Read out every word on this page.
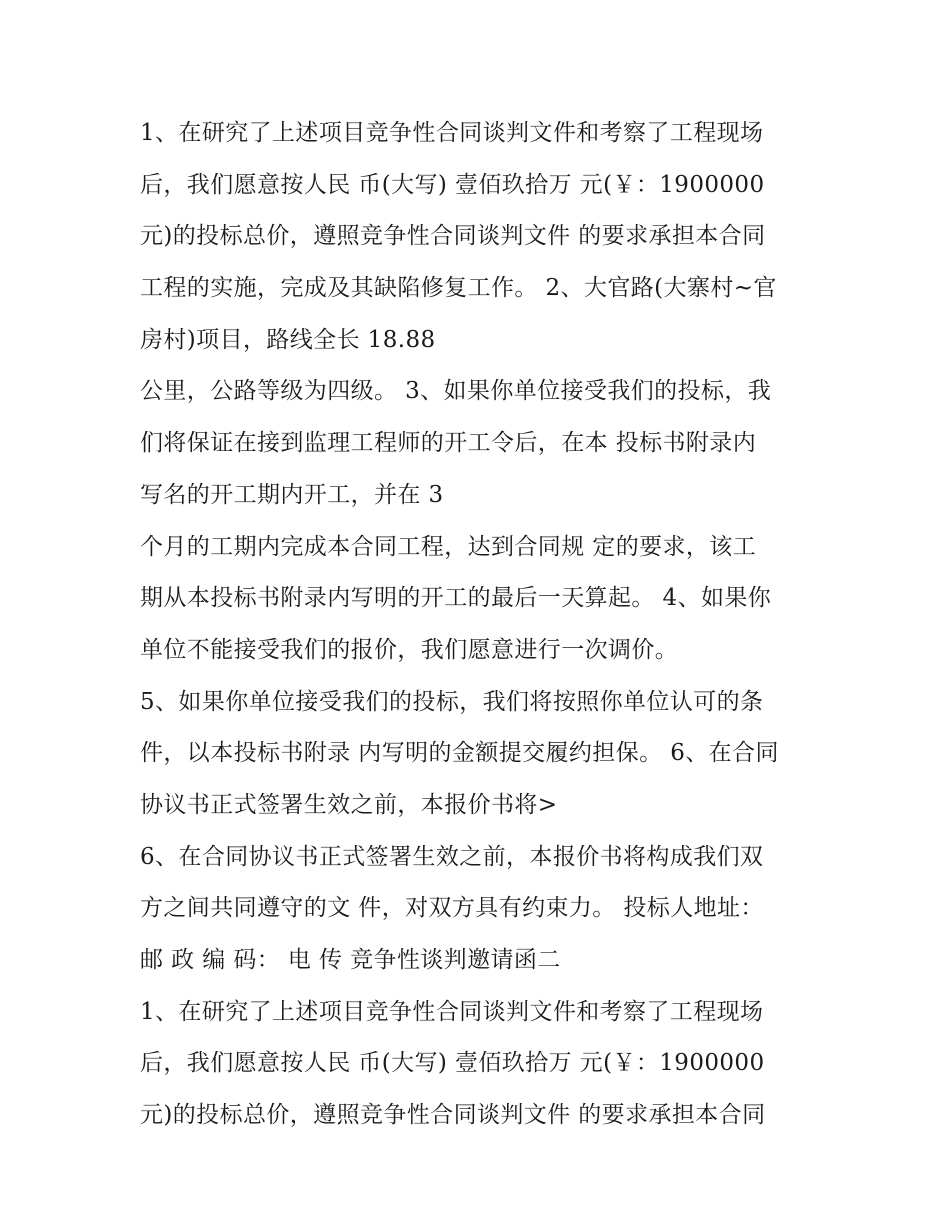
1、在研究了上述项目竞争性合同谈判文件和考察了工程现场
后，我们愿意按人民 币(大写) 壹佰玖拾万 元(￥：1900000
元)的投标总价，遵照竞争性合同谈判文件 的要求承担本合同
工程的实施，完成及其缺陷修复工作。 2、大官路(大寨村~官
房村)项目，路线全长 18.88
公里，公路等级为四级。 3、如果你单位接受我们的投标，我
们将保证在接到监理工程师的开工令后，在本 投标书附录内
写名的开工期内开工，并在 3
个月的工期内完成本合同工程，达到合同规 定的要求，该工
期从本投标书附录内写明的开工的最后一天算起。 4、如果你
单位不能接受我们的报价，我们愿意进行一次调价。
5、如果你单位接受我们的投标，我们将按照你单位认可的条
件，以本投标书附录 内写明的金额提交履约担保。 6、在合同
协议书正式签署生效之前，本报价书将>
6、在合同协议书正式签署生效之前，本报价书将构成我们双
方之间共同遵守的文 件，对双方具有约束力。 投标人地址：
邮 政 编 码： 电 传 竞争性谈判邀请函二
1、在研究了上述项目竞争性合同谈判文件和考察了工程现场
后，我们愿意按人民 币(大写) 壹佰玖拾万 元(￥：1900000
元)的投标总价，遵照竞争性合同谈判文件 的要求承担本合同
